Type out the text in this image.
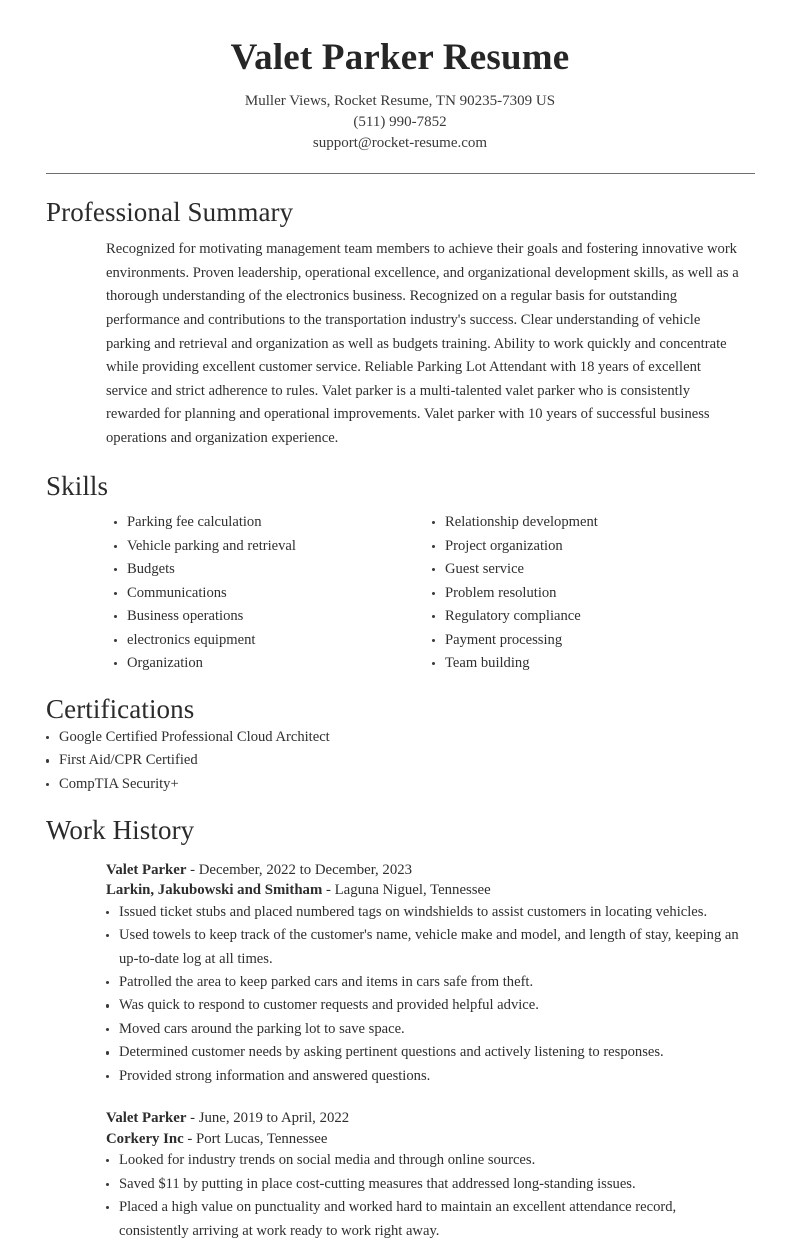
Valet Parker Resume
Muller Views, Rocket Resume, TN 90235-7309 US
(511) 990-7852
support@rocket-resume.com
Professional Summary
Recognized for motivating management team members to achieve their goals and fostering innovative work environments. Proven leadership, operational excellence, and organizational development skills, as well as a thorough understanding of the electronics business. Recognized on a regular basis for outstanding performance and contributions to the transportation industry's success. Clear understanding of vehicle parking and retrieval and organization as well as budgets training. Ability to work quickly and concentrate while providing excellent customer service. Reliable Parking Lot Attendant with 18 years of excellent service and strict adherence to rules. Valet parker is a multi-talented valet parker who is consistently rewarded for planning and operational improvements. Valet parker with 10 years of successful business operations and organization experience.
Skills
Parking fee calculation
Vehicle parking and retrieval
Budgets
Communications
Business operations
electronics equipment
Organization
Relationship development
Project organization
Guest service
Problem resolution
Regulatory compliance
Payment processing
Team building
Certifications
Google Certified Professional Cloud Architect
First Aid/CPR Certified
CompTIA Security+
Work History
Valet Parker - December, 2022 to December, 2023
Larkin, Jakubowski and Smitham - Laguna Niguel, Tennessee
Issued ticket stubs and placed numbered tags on windshields to assist customers in locating vehicles.
Used towels to keep track of the customer's name, vehicle make and model, and length of stay, keeping an up-to-date log at all times.
Patrolled the area to keep parked cars and items in cars safe from theft.
Was quick to respond to customer requests and provided helpful advice.
Moved cars around the parking lot to save space.
Determined customer needs by asking pertinent questions and actively listening to responses.
Provided strong information and answered questions.
Valet Parker - June, 2019 to April, 2022
Corkery Inc - Port Lucas, Tennessee
Looked for industry trends on social media and through online sources.
Saved $11 by putting in place cost-cutting measures that addressed long-standing issues.
Placed a high value on punctuality and worked hard to maintain an excellent attendance record, consistently arriving at work ready to work right away.
